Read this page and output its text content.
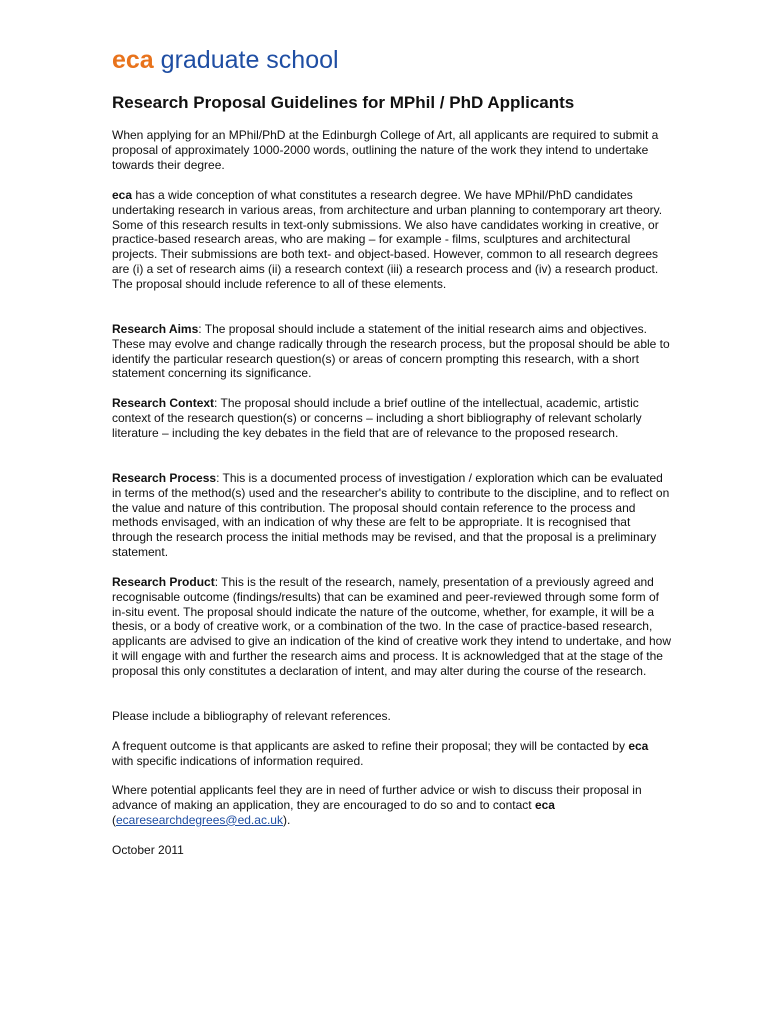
eca graduate school
Research Proposal Guidelines for MPhil / PhD Applicants

When applying for an MPhil/PhD at the Edinburgh College of Art, all applicants are required to submit a proposal of approximately 1000-2000 words, outlining the nature of the work they intend to undertake towards their degree.

eca has a wide conception of what constitutes a research degree. We have MPhil/PhD candidates undertaking research in various areas, from architecture and urban planning to contemporary art theory. Some of this research results in text-only submissions. We also have candidates working in creative, or practice-based research areas, who are making – for example - films, sculptures and architectural projects. Their submissions are both text- and object-based. However, common to all research degrees are (i) a set of research aims (ii) a research context (iii) a research process and (iv) a research product. The proposal should include reference to all of these elements.

Research Aims: The proposal should include a statement of the initial research aims and objectives. These may evolve and change radically through the research process, but the proposal should be able to identify the particular research question(s) or areas of concern prompting this research, with a short statement concerning its significance.

Research Context: The proposal should include a brief outline of the intellectual, academic, artistic context of the research question(s) or concerns – including a short bibliography of relevant scholarly literature – including the key debates in the field that are of relevance to the proposed research.

Research Process: This is a documented process of investigation / exploration which can be evaluated in terms of the method(s) used and the researcher's ability to contribute to the discipline, and to reflect on the value and nature of this contribution. The proposal should contain reference to the process and methods envisaged, with an indication of why these are felt to be appropriate. It is recognised that through the research process the initial methods may be revised, and that the proposal is a preliminary statement.

Research Product: This is the result of the research, namely, presentation of a previously agreed and recognisable outcome (findings/results) that can be examined and peer-reviewed through some form of in-situ event. The proposal should indicate the nature of the outcome, whether, for example, it will be a thesis, or a body of creative work, or a combination of the two. In the case of practice-based research, applicants are advised to give an indication of the kind of creative work they intend to undertake, and how it will engage with and further the research aims and process. It is acknowledged that at the stage of the proposal this only constitutes a declaration of intent, and may alter during the course of the research.

Please include a bibliography of relevant references.

A frequent outcome is that applicants are asked to refine their proposal; they will be contacted by eca with specific indications of information required.

Where potential applicants feel they are in need of further advice or wish to discuss their proposal in advance of making an application, they are encouraged to do so and to contact eca (ecaresearchdegrees@ed.ac.uk).

October 2011
